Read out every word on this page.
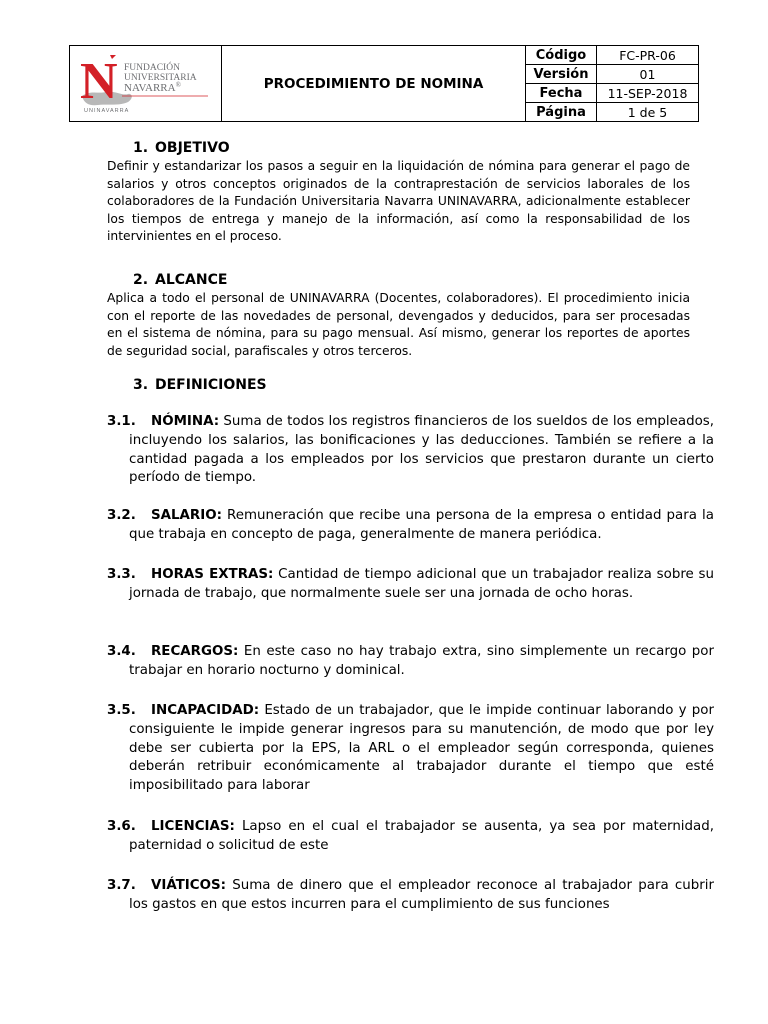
N FUNDACIÓN
UNIVERSITARIA
NAVARRA®
UNINAVARRA	PROCEDIMIENTO DE NOMINA	Código	FC-PR-06
		Versión	01
		Fecha	11-SEP-2018
		Página	1 de 5
1. OBJETIVO

Definir y estandarizar los pasos a seguir en la liquidación de nómina para generar el pago de salarios y otros conceptos originados de la contraprestación de servicios laborales de los colaboradores de la Fundación Universitaria Navarra UNINAVARRA, adicionalmente establecer los tiempos de entrega y manejo de la información, así como la responsabilidad de los intervinientes en el proceso.

2. ALCANCE

Aplica a todo el personal de UNINAVARRA (Docentes, colaboradores). El procedimiento inicia con el reporte de las novedades de personal, devengados y deducidos, para ser procesadas en el sistema de nómina, para su pago mensual. Así mismo, generar los reportes de aportes de seguridad social, parafiscales y otros terceros.

3. DEFINICIONES

3.1. NÓMINA: Suma de todos los registros financieros de los sueldos de los empleados, incluyendo los salarios, las bonificaciones y las deducciones. También se refiere a la cantidad pagada a los empleados por los servicios que prestaron durante un cierto período de tiempo.

3.2. SALARIO: Remuneración que recibe una persona de la empresa o entidad para la que trabaja en concepto de paga, generalmente de manera periódica.

3.3. HORAS EXTRAS: Cantidad de tiempo adicional que un trabajador realiza sobre su jornada de trabajo, que normalmente suele ser una jornada de ocho horas.

3.4. RECARGOS: En este caso no hay trabajo extra, sino simplemente un recargo por trabajar en horario nocturno y dominical.

3.5. INCAPACIDAD: Estado de un trabajador, que le impide continuar laborando y por consiguiente le impide generar ingresos para su manutención, de modo que por ley debe ser cubierta por la EPS, la ARL o el empleador según corresponda, quienes deberán retribuir económicamente al trabajador durante el tiempo que esté imposibilitado para laborar

3.6. LICENCIAS: Lapso en el cual el trabajador se ausenta, ya sea por maternidad, paternidad o solicitud de este

3.7. VIÁTICOS: Suma de dinero que el empleador reconoce al trabajador para cubrir los gastos en que estos incurren para el cumplimiento de sus funciones
